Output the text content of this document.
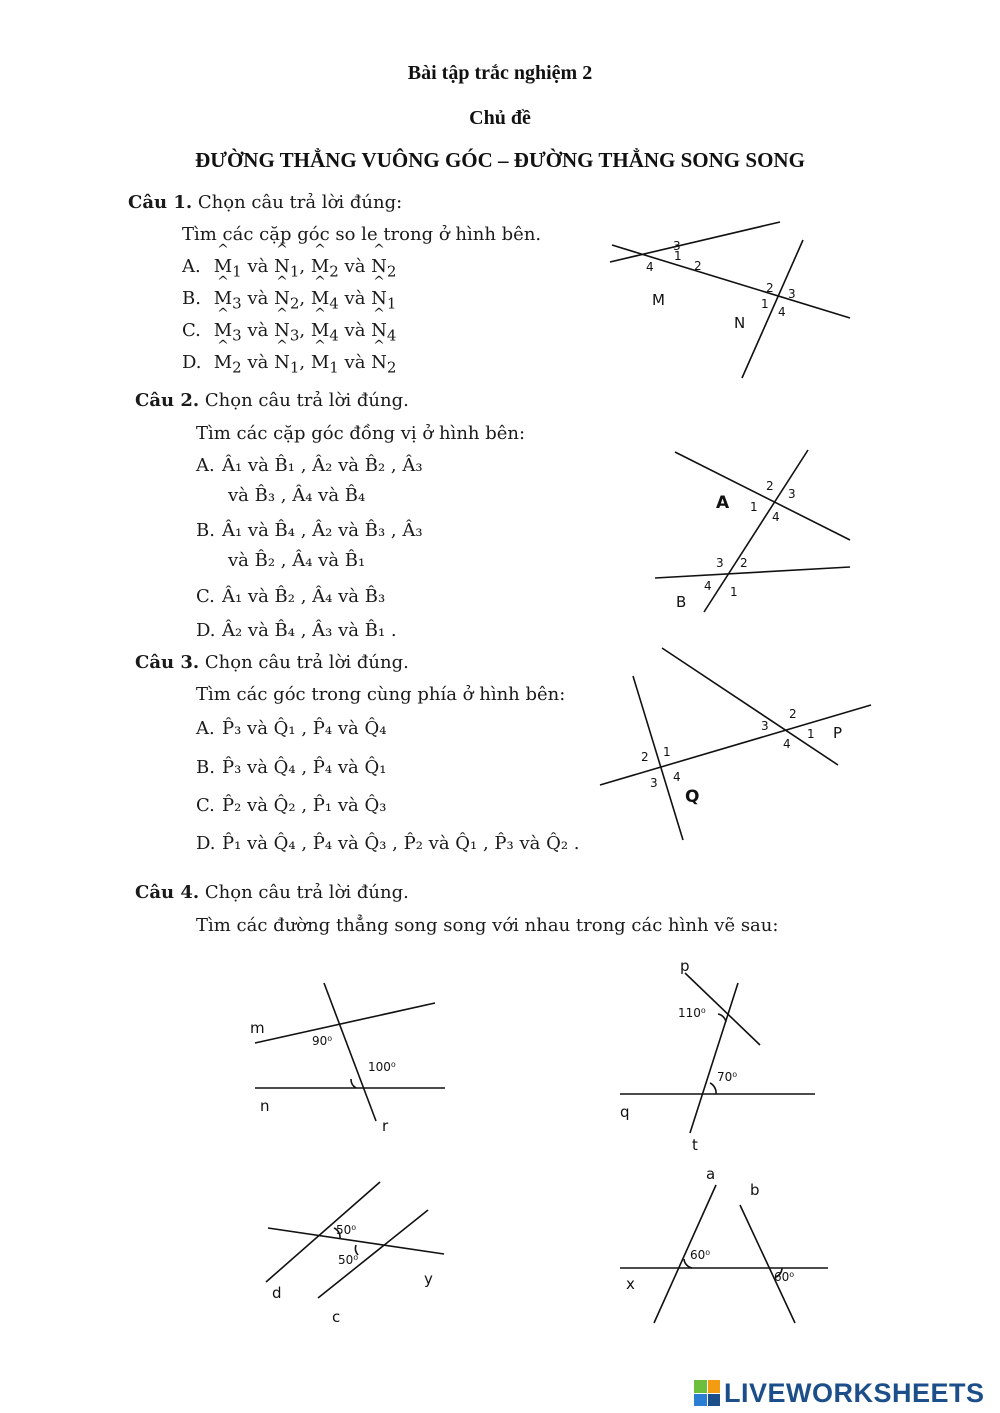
Bài tập trắc nghiệm 2
Chủ đề
ĐƯỜNG THẲNG VUÔNG GÓC – ĐƯỜNG THẲNG SONG SONG
Câu 1. Chọn câu trả lời đúng:
Tìm các cặp góc so le trong ở hình bên.
A. ^ $M_1$ và ^ $N_1$, ^ $M_2$ và ^ $N_2$
B. ^ $M_3$ và ^ $N_2$, ^ $M_4$ và ^ $N_1$
C. ^ $M_3$ và ^ $N_3$, ^ $M_4$ và ^ $N_4$
D. ^ $M_2$ và ^ $N_1$, ^ $M_1$ và ^ $N_2$
1
2
3
4
M	1
2 3
4
N
Câu 2. Chọn câu trả lời đúng.
Tìm các cặp góc đồng vị ở hình bên:
A. Â₁ và B̂₁ , Â₂ và B̂₂ , Â₃
và B̂₃ , Â₄ và B̂₄
B. Â₁ và B̂₄ , Â₂ và B̂₃ , Â₃
và B̂₂ , Â₄ và B̂₁
C. Â₁ và B̂₂ , Â₄ và B̂₃
D. Â₂ và B̂₄ , Â₃ và B̂₁ .
A 1
2
3
4
1
2
3
4
B
Câu 3. Chọn câu trả lời đúng.
Tìm các góc trong cùng phía ở hình bên:
A. P̂₃ và Q̂₁ , P̂₄ và Q̂₄
B. P̂₃ và Q̂₄ , P̂₄ và Q̂₁
C. P̂₂ và Q̂₂ , P̂₁ và Q̂₃
D. P̂₁ và Q̂₄ , P̂₄ và Q̂₃ , P̂₂ và Q̂₁ , P̂₃ và Q̂₂ .
P
1
2
3
4
1
2
3 4
Q
Câu 4. Chọn câu trả lời đúng.
Tìm các đường thẳng song song với nhau trong các hình vẽ sau:
m
n
r
90⁰
100⁰
p
q
t
110⁰
70⁰
d
c
y
50⁰
50⁰
a
b
x
60⁰
60⁰
LIVEWORKSHEETS
